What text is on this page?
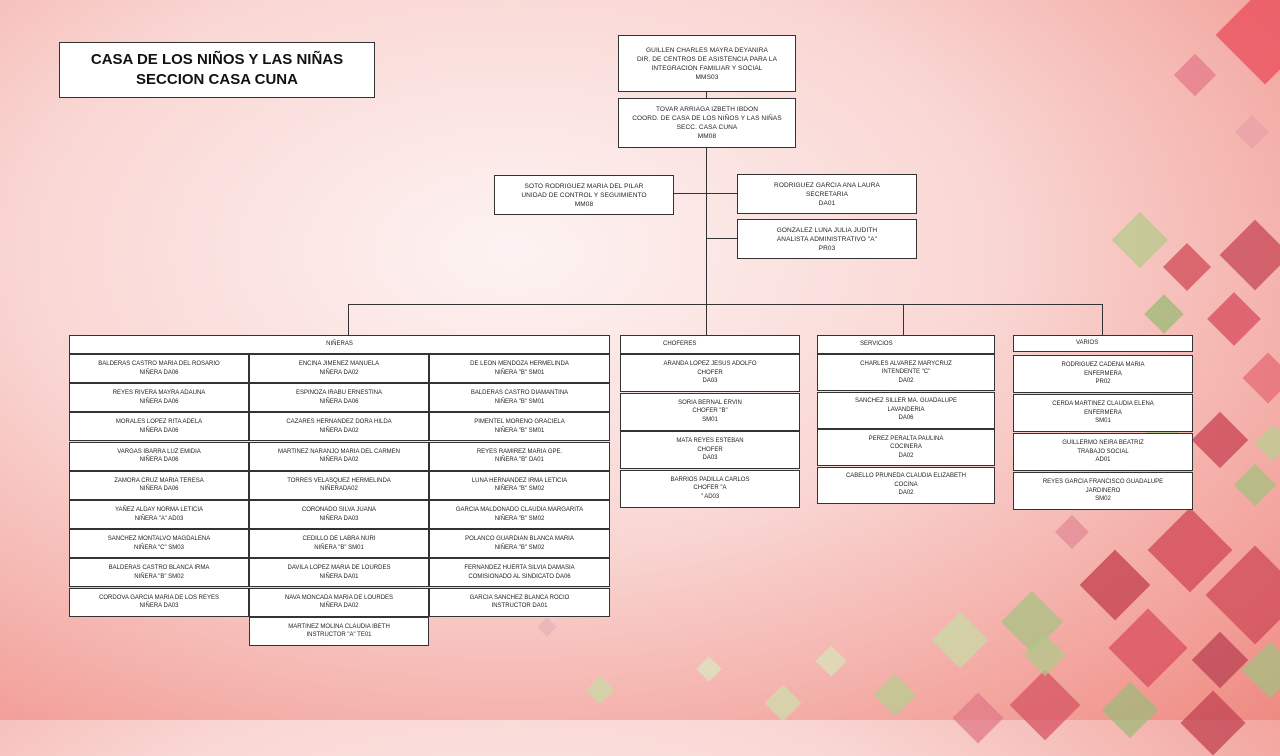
CASA DE LOS NIÑOS Y LAS NIÑAS
SECCION CASA CUNA
GUILLEN CHARLES MAYRA DEYANIRA
DIR. DE CENTROS DE ASISTENCIA PARA LA INTEGRACION FAMILIAR Y SOCIAL
MMS03
TOVAR ARRIAGA IZBETH IBDON
COORD. DE CASA DE LOS NIÑOS Y LAS NIÑAS
SECC. CASA CUNA
MM08
SOTO RODRIGUEZ MARIA DEL PILAR
UNIDAD DE CONTROL Y SEGUIMIENTO
MM08
RODRIGUEZ GARCIA ANA LAURA
SECRETARIA
DA01
GONZALEZ LUNA JULIA JUDITH
ANALISTA ADMINISTRATIVO "A"
PR03
NIÑERAS	CHOFERES	SERVICIOS	VARIOS
BALDERAS CASTRO MARIA DEL ROSARIO
NIÑERA DA06
REYES RIVERA MAYRA ADAUNA
NIÑERA DA06
MORALES LOPEZ RITA ADELA
NIÑERA DA06
VARGAS IBARRA LUZ EMIDIA
NIÑERA DA06
ZAMORA CRUZ MARIA TERESA
NIÑERA DA06
YAÑEZ ALDAY NORMA LETICIA
NIÑERA "A" AD03
SANCHEZ MONTALVO MAGDALENA
NIÑERA "C" SM03
BALDERAS CASTRO BLANCA IRMA
NIÑERA "B" SM02
CORDOVA GARCIA MARIA DE LOS REYES
NIÑERA DA03
ENCINA JIMENEZ MANUELA
NIÑERA DA02
ESPINOZA IRABU ERNESTINA
NIÑERA DA06
CAZARES HERNANDEZ DORA HILDA
NIÑERA DA02
MARTINEZ NARANJO MARIA DEL CARMEN
NIÑERA DA02
TORRES VELASQUEZ HERMELINDA
NIÑERADA02
CORONADO SILVA JUANA
NIÑERA DA03
CEDILLO DE LABRA NURI
NIÑERA "B" SM01
DAVILA LOPEZ MARIA DE LOURDES
NIÑERA DA01
NAVA MONCADA MARIA DE LOURDES
NIÑERA DA02
MARTINEZ MOLINA CLAUDIA IBETH
INSTRUCTOR "A" TE01
DE LEON MENDOZA HERMELINDA
NIÑERA "B" SM01
BALDERAS CASTRO DIAMANTINA
NIÑERA "B" SM01
PIMENTEL MORENO GRACIELA
NIÑERA "B" SM01
REYES RAMIREZ MARIA GPE.
NIÑERA "B" DA01
LUNA HERNANDEZ IRMA LETICIA
NIÑERA "B" SM02
GARCIA MALDONADO CLAUDIA MARGARITA
NIÑERA "B" SM02
POLANCO GUARDIAN BLANCA MARIA
NIÑERA "B" SM02
FERNANDEZ HUERTA SILVIA DAMASIA
COMISIONADO AL SINDICATO DA06
GARCIA SANCHEZ BLANCA ROCIO
INSTRUCTOR DA01
ARANDA LOPEZ JESUS ADOLFO
CHOFER
DA03
SORIA BERNAL ERVIN
CHOFER "B"
SM01
MATA REYES ESTEBAN
CHOFER
DA03
BARRIOS PADILLA CARLOS
CHOFER "A
" AD03
CHARLES ALVAREZ MARYCRUZ
INTENDENTE "C"
DA02
SANCHEZ SILLER MA. GUADALUPE
LAVANDERIA
DA06
PEREZ PERALTA PAULINA
COCINERA
DA02
CABELLO PRUNEDA CLAUDIA ELIZABETH
COCINA
DA02
RODRIGUEZ CADENA MARIA
ENFERMERA
PR02
CERDA MARTINEZ CLAUDIA ELENA
ENFERMERA
SM01
GUILLERMO NEIRA BEATRIZ
TRABAJO SOCIAL
AD01
REYES GARCIA FRANCISCO GUADALUPE
JARDINERO
SM02
